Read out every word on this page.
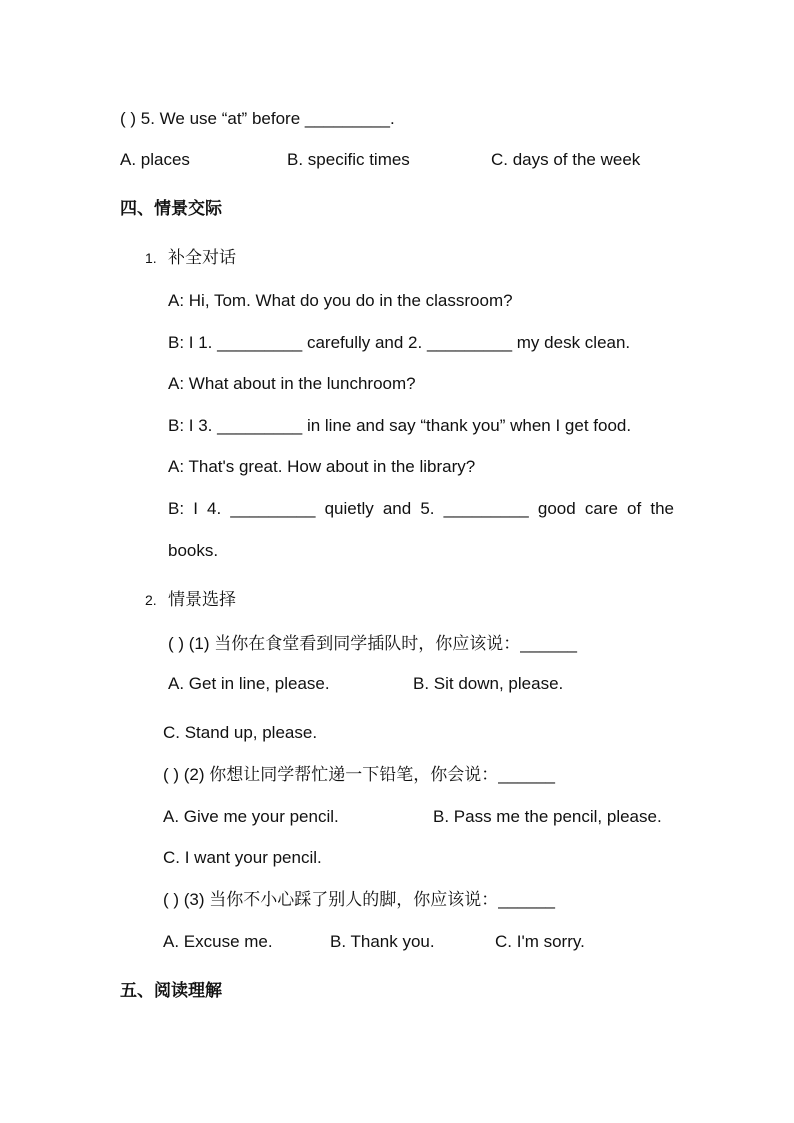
( ) 5. We use “at” before _________.
A. places	B. specific times	C. days of the week
四、情景交际
1. 补全对话
A: Hi, Tom. What do you do in the classroom?
B: I 1. _________ carefully and 2. _________ my desk clean.
A: What about in the lunchroom?
B: I 3. _________ in line and say “thank you” when I get food.
A: That's great. How about in the library?
B: I 4. _________ quietly and 5. _________ good care of the
books.
2. 情景选择
( ) (1) 当你在食堂看到同学插队时，你应该说：______
A. Get in line, please.	B. Sit down, please.
C. Stand up, please.
( ) (2) 你想让同学帮忙递一下铅笔，你会说：______
A. Give me your pencil.	B. Pass me the pencil, please.
C. I want your pencil.
( ) (3) 当你不小心踩了别人的脚，你应该说：______
A. Excuse me.	B. Thank you.	C. I'm sorry.
五、阅读理解
